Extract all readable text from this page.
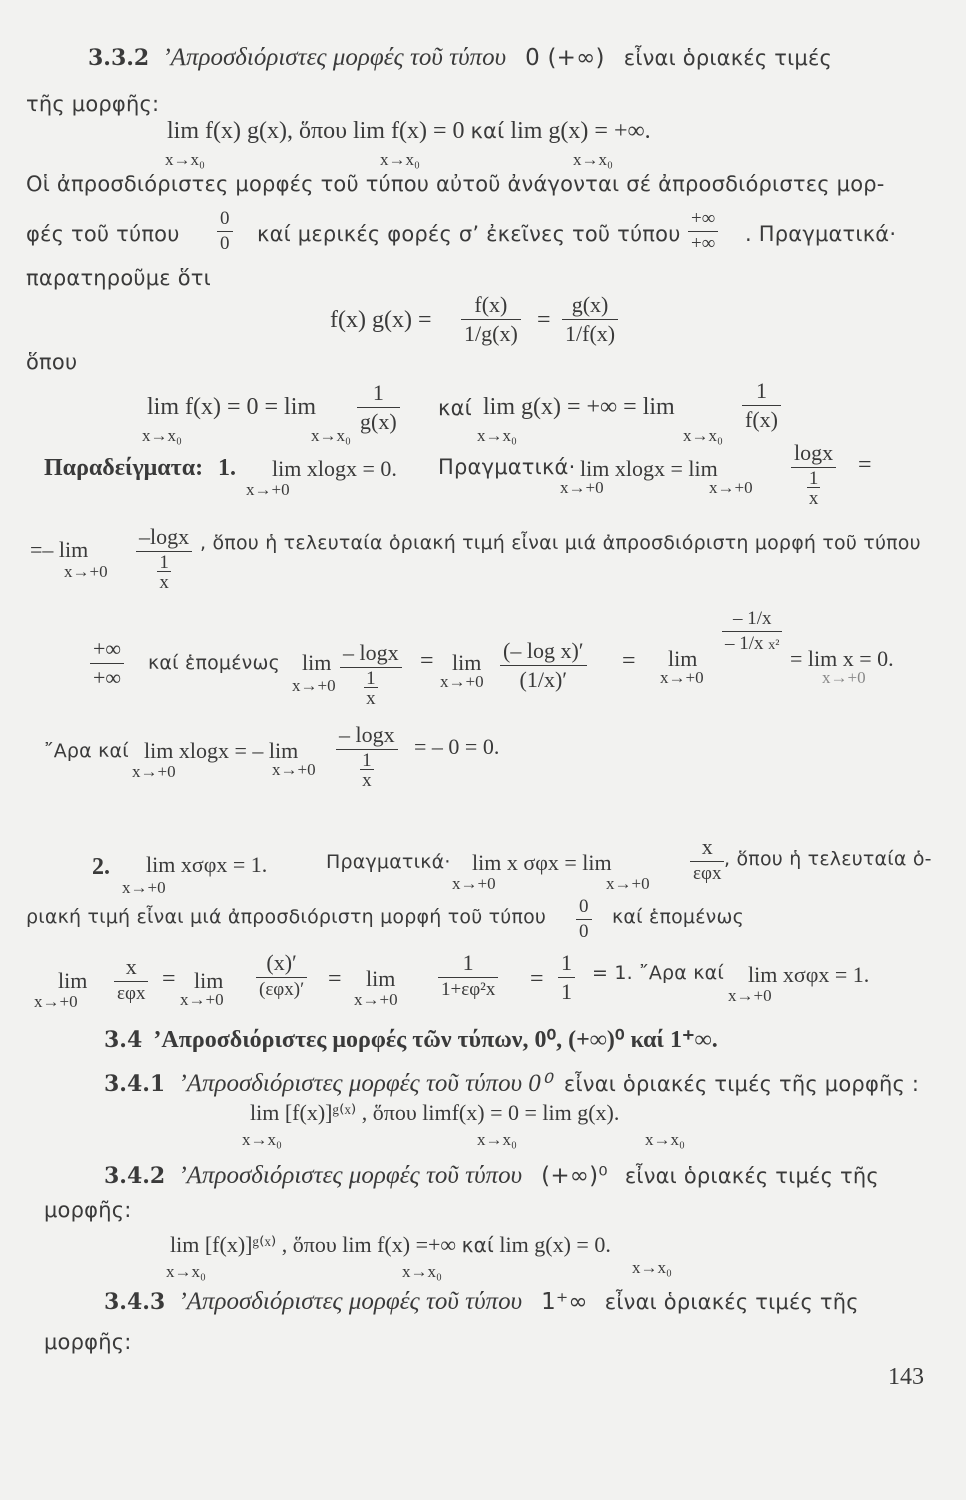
3.3.2 ’Απροσδιόριστες μορφές τοῦ τύπου 0 (+∞) εἶναι ὁριακές τιμές
τῆς μορφῆς:
lim f(x) g(x), ὅπου lim f(x) = 0 καί lim g(x) = +∞.
x→x₀	x→x₀	x→x₀
Οἱ ἀπροσδιόριστες μορφές τοῦ τύπου αὐτοῦ ἀνάγονται σέ ἀπροσδιόριστες μορ-
φές τοῦ τύπου
0
0 καί μερικές φορές σ’ ἐκεῖνες τοῦ τύπου
+∞
+∞ . Πραγματικά·
παρατηροῦμε ὅτι
f(x) g(x) =
f(x)
1/g(x)
=
g(x)
1/f(x)
ὅπου
lim f(x) = 0 = lim
1
g(x)
καί lim g(x) = +∞ = lim
1
f(x)
x→x₀	x→x₀	x→x₀	x→x₀
Παραδείγματα: 1. lim xlogx = 0. Πραγματικά· lim xlogx = lim
logx
1
x
=
x→+0	x→+0	x→+0
=– lim
–logx
1
x
, ὅπου ἡ τελευταία ὁριακή τιμή εἶναι μιά ἀπροσδιόριστη μορφή τοῦ τύπου
x→+0
+∞
+∞
καί ἑπομένως lim – logx
1
x
= lim (– log x)′
(1/x)′
= lim
– 1/x
– 1/x x²
= lim x = 0.
x→+0	x→+0	x→+0	x→+0
῎Αρα καί lim xlogx = – lim
– logx
1
x
= – 0 = 0.
x→+0	x→+0
2. lim xσφx = 1.	Πραγματικά· lim x σφx = lim
x
εφx
, ὅπου ἡ τελευταία ὁ-
x→+0	x→+0	x→+0
ριακή τιμή εἶναι μιά ἀπροσδιόριστη μορφή τοῦ τύπου 0
0
καί ἑπομένως
lim
x
εφx
= lim
(x)′
(εφx)′ = lim
1
1+εφ²x =
1
1
= 1. ῎Αρα καί lim xσφx = 1.
x→+0	x→+0	x→+0	x→+0
3.4 ’Απροσδιόριστες μορφές τῶν τύπων, 0⁰, (+∞)⁰ καί 1⁺∞.
3.4.1 ’Απροσδιόριστες μορφές τοῦ τύπου 0⁰ εἶναι ὁριακές τιμές τῆς μορφῆς :
lim [f(x)]ᵍ⁽ˣ⁾ , ὅπου limf(x) = 0 = lim g(x).
x→x₀	x→x₀	x→x₀
3.4.2 ’Απροσδιόριστες μορφές τοῦ τύπου (+∞)⁰ εἶναι ὁριακές τιμές τῆς
μορφῆς:
lim [f(x)]ᵍ⁽ˣ⁾ , ὅπου lim f(x) =+∞ καί lim g(x) = 0.
x→x₀	x→x₀	x→x₀
3.4.3 ’Απροσδιόριστες μορφές τοῦ τύπου 1⁺∞ εἶναι ὁριακές τιμές τῆς
μορφῆς:
143
